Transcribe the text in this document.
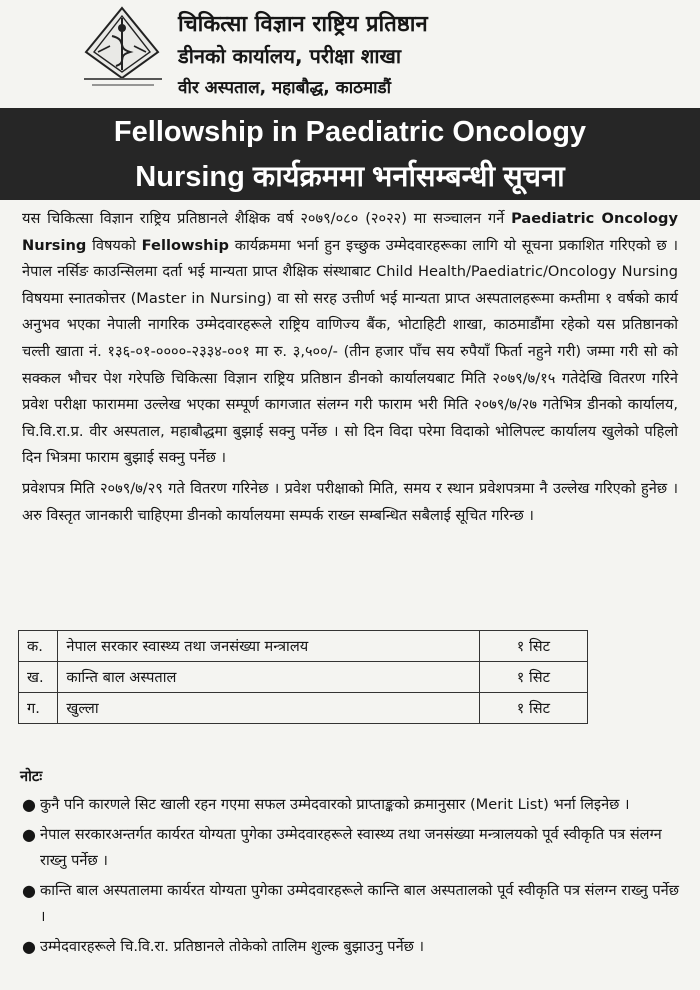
चिकित्सा विज्ञान राष्ट्रिय प्रतिष्ठान
डीनको कार्यालय, परीक्षा शाखा
वीर अस्पताल, महाबौद्ध, काठमाडौं
Fellowship in Paediatric Oncology
Nursing कार्यक्रममा भर्नासम्बन्धी सूचना

यस चिकित्सा विज्ञान राष्ट्रिय प्रतिष्ठानले शैक्षिक वर्ष २०७९/०८० (२०२२) मा सञ्चालन गर्ने Paediatric Oncology Nursing विषयको Fellowship कार्यक्रममा भर्ना हुन इच्छुक उम्मेदवारहरूका लागि यो सूचना प्रकाशित गरिएको छ । नेपाल नर्सिङ काउन्सिलमा दर्ता भई मान्यता प्राप्त शैक्षिक संस्थाबाट Child Health/Paediatric/Oncology Nursing विषयमा स्नातकोत्तर (Master in Nursing) वा सो सरह उत्तीर्ण भई मान्यता प्राप्त अस्पतालहरूमा कम्तीमा १ वर्षको कार्य अनुभव भएका नेपाली नागरिक उम्मेदवारहरूले राष्ट्रिय वाणिज्य बैंक, भोटाहिटी शाखा, काठमाडौंमा रहेको यस प्रतिष्ठानको चल्ती खाता नं. १३६-०१-००००-२३३४-००१ मा रु. ३,५००/- (तीन हजार पाँच सय रुपैयाँ फिर्ता नहुने गरी) जम्मा गरी सो को सक्कल भौचर पेश गरेपछि चिकित्सा विज्ञान राष्ट्रिय प्रतिष्ठान डीनको कार्यालयबाट मिति २०७९/७/१५ गतेदेखि वितरण गरिने प्रवेश परीक्षा फाराममा उल्लेख भएका सम्पूर्ण कागजात संलग्न गरी फाराम भरी मिति २०७९/७/२७ गतेभित्र डीनको कार्यालय, चि.वि.रा.प्र. वीर अस्पताल, महाबौद्धमा बुझाई सक्नु पर्नेछ । सो दिन विदा परेमा विदाको भोलिपल्ट कार्यालय खुलेको पहिलो दिन भित्रमा फाराम बुझाई सक्नु पर्नेछ ।

प्रवेशपत्र मिति २०७९/७/२९ गते वितरण गरिनेछ । प्रवेश परीक्षाको मिति, समय र स्थान प्रवेशपत्रमा नै उल्लेख गरिएको हुनेछ । अरु विस्तृत जानकारी चाहिएमा डीनको कार्यालयमा सम्पर्क राख्न सम्बन्धित सबैलाई सूचित गरिन्छ ।

क.	नेपाल सरकार स्वास्थ्य तथा जनसंख्या मन्त्रालय	१ सिट
ख.	कान्ति बाल अस्पताल	१ सिट
ग.	खुल्ला	१ सिट
नोटः
● कुनै पनि कारणले सिट खाली रहन गएमा सफल उम्मेदवारको प्राप्ताङ्कको क्रमानुसार (Merit List) भर्ना लिइनेछ ।
● नेपाल सरकारअन्तर्गत कार्यरत योग्यता पुगेका उम्मेदवारहरूले स्वास्थ्य तथा जनसंख्या मन्त्रालयको पूर्व स्वीकृति पत्र संलग्न राख्नु पर्नेछ ।
● कान्ति बाल अस्पतालमा कार्यरत योग्यता पुगेका उम्मेदवारहरूले कान्ति बाल अस्पतालको पूर्व स्वीकृति पत्र संलग्न राख्नु पर्नेछ ।
● उम्मेदवारहरूले चि.वि.रा. प्रतिष्ठानले तोकेको तालिम शुल्क बुझाउनु पर्नेछ ।
